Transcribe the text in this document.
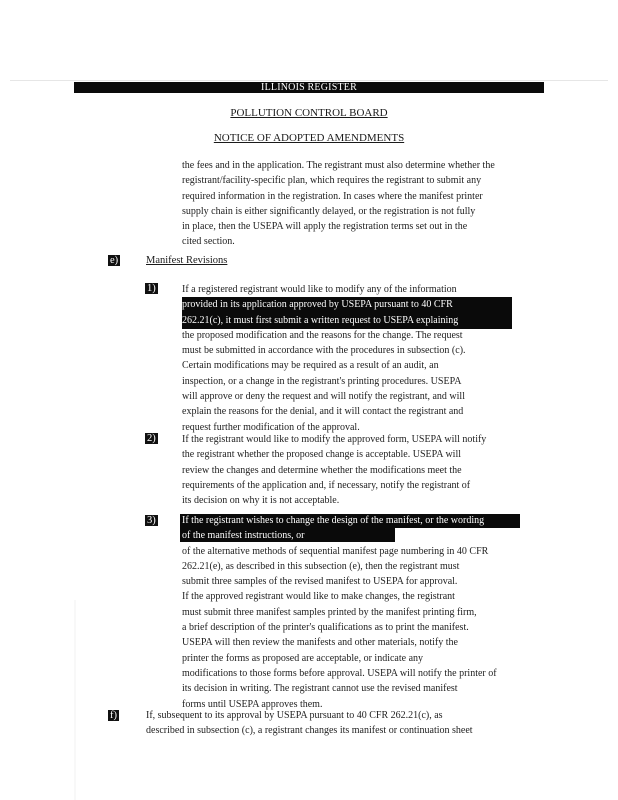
ILLINOIS REGISTER
POLLUTION CONTROL BOARD
NOTICE OF ADOPTED AMENDMENTS
the fees and in the application. The registrant must also determine whether the
registrant/facility-specific plan, which requires the registrant to submit any
required information in the registration. In cases where the manifest printer
supply chain is either significantly delayed, or the registration is not fully
in place, then the USEPA will apply the registration terms set out in the
cited section.
e)	Manifest Revisions
1)	If a registered registrant would like to modify any of the information
provided in its application approved by USEPA pursuant to 40 CFR
262.21(c), it must first submit a written request to USEPA explaining
the proposed modification and the reasons for the change. The request
must be submitted in accordance with the procedures in subsection (c).
Certain modifications may be required as a result of an audit, an
inspection, or a change in the registrant's printing procedures. USEPA
will approve or deny the request and will notify the registrant, and will
explain the reasons for the denial, and it will contact the registrant and
request further modification of the approval.
2)	If the registrant would like to modify the approved form, USEPA will notify
the registrant whether the proposed change is acceptable. USEPA will
review the changes and determine whether the modifications meet the
requirements of the application and, if necessary, notify the registrant of
its decision on why it is not acceptable.
3)	If the registrant wishes to change the design of the manifest, or the wording
of the manifest instructions, or
of the alternative methods of sequential manifest page numbering in 40 CFR
262.21(e), as described in this subsection (e), then the registrant must
submit three samples of the revised manifest to USEPA for approval.
If the approved registrant would like to make changes, the registrant
must submit three manifest samples printed by the manifest printing firm,
a brief description of the printer's qualifications as to print the manifest.
USEPA will then review the manifests and other materials, notify the
printer the forms as proposed are acceptable, or indicate any
modifications to those forms before approval. USEPA will notify the printer of
its decision in writing. The registrant cannot use the revised manifest
forms until USEPA approves them.
f)	If, subsequent to its approval by USEPA pursuant to 40 CFR 262.21(c), as
described in subsection (c), a registrant changes its manifest or continuation sheet
